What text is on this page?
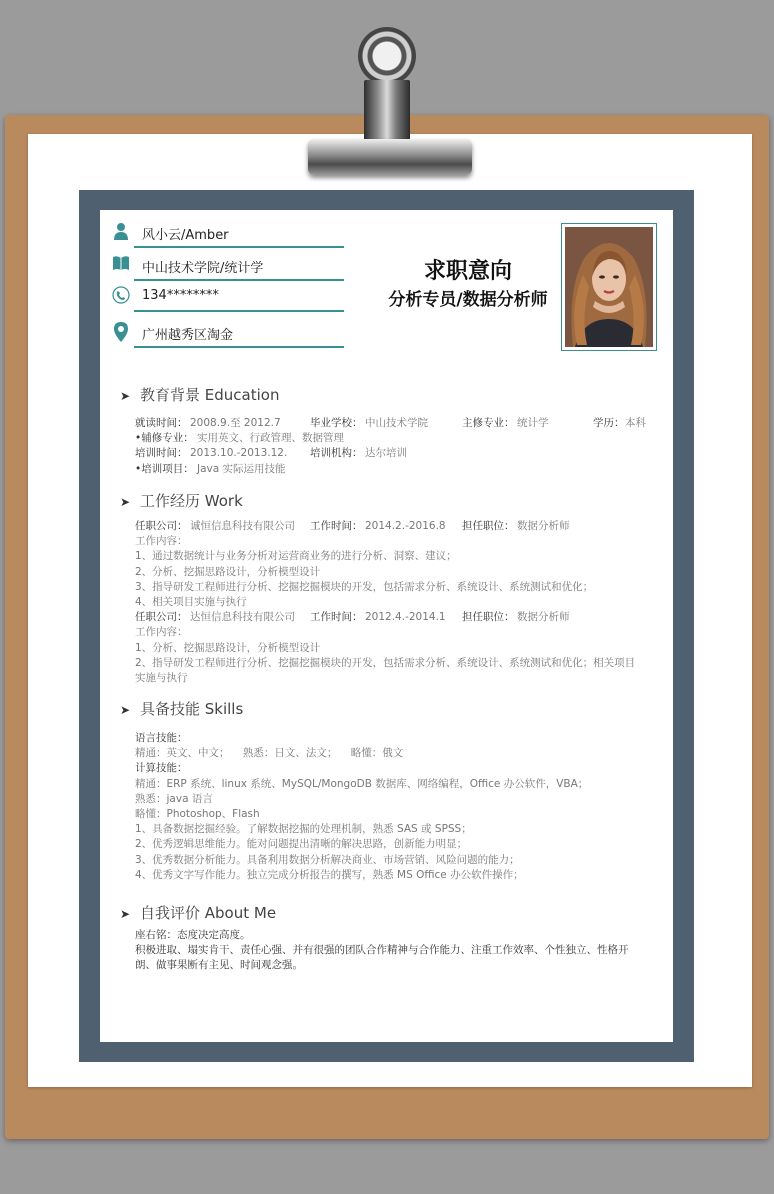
风小云/Amber
中山技术学院/统计学
134********
广州越秀区淘金
求职意向
分析专员/数据分析师
➤ 教育背景 Education
就读时间： 2008.9.至 2012.7	毕业学校： 中山技术学院	主修专业： 统计学	学历： 本科
•辅修专业： 实用英文、行政管理、数据管理
培训时间： 2013.10.-2013.12. 培训机构： 达尔培训
•培训项目： Java 实际运用技能
➤ 工作经历 Work
任职公司： 诚恒信息科技有限公司 工作时间： 2014.2.-2016.8 担任职位： 数据分析师
工作内容：
1、通过数据统计与业务分析对运营商业务的进行分析、洞察、建议；
2、分析、挖掘思路设计，分析模型设计
3、指导研发工程师进行分析、挖掘挖掘模块的开发，包括需求分析、系统设计、系统测试和优化；
4、相关项目实施与执行
任职公司： 达恒信息科技有限公司 工作时间： 2012.4.-2014.1 担任职位： 数据分析师
工作内容：
1、分析、挖掘思路设计，分析模型设计
2、指导研发工程师进行分析、挖掘挖掘模块的开发，包括需求分析、系统设计、系统测试和优化；相关项目
实施与执行
➤ 具备技能 Skills
语言技能：
精通：英文、中文；    熟悉：日文、法文；    略懂：俄文
计算技能：
精通：ERP 系统、linux 系统、MySQL/MongoDB 数据库、网络编程，Office 办公软件，VBA；
熟悉：java 语言
略懂：Photoshop、Flash
1、具备数据挖掘经验。了解数据挖掘的处理机制，熟悉 SAS 或 SPSS；
2、优秀逻辑思维能力。能对问题提出清晰的解决思路，创新能力明显；
3、优秀数据分析能力。具备利用数据分析解决商业、市场营销、风险问题的能力；
4、优秀文字写作能力。独立完成分析报告的撰写，熟悉 MS Office 办公软件操作；
➤ 自我评价 About Me
座右铭：态度决定高度。
积极进取、塌实肯干、责任心强、并有很强的团队合作精神与合作能力、注重工作效率、个性独立、性格开
朗、做事果断有主见、时间观念强。
